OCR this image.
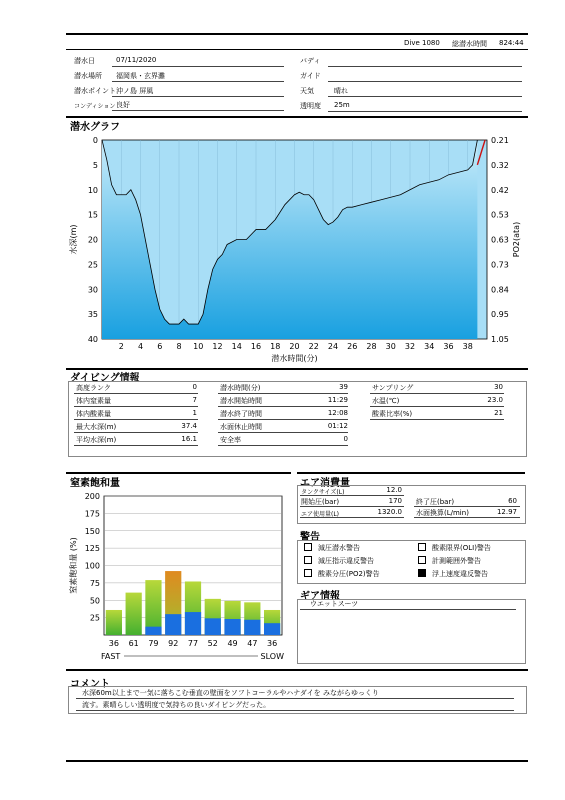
Dive 1080 総潜水時間 824:44
潜水日	07/11/2020
潜水場所 福岡県・玄界灘
潜水ポイント 沖ノ島 屏風
コンディション 良好
バディ
ガイド
天気	晴れ
透明度 25m
潜水グラフ
0
5
10
15
20
25
30
35
40
0.21
0.32
0.42
0.53
0.63
0.73
0.84
0.95
1.05
2 4 6 8 10 12 14 16 18 20 22 24 26 28 30 32 34 36 38
潜水時間(分)
水深(m)	PO2(ata)
ダイビング情報
高度ランク	0	潜水時間(分)	39	サンプリング	30
体内窒素量	7	潜水開始時間	11:29	水温(℃)	23.0
体内酸素量	1	潜水終了時間	12:08	酸素比率(%)	21
最大水深(m)	37.4	水面休止時間	01:12
平均水深(m)	16.1	安全率	0
窒素飽和量
25
50
75
100
125
150
175
200
36 61 79 92 77 52 49 47 36
FAST	SLOW
窒素飽和量 (%)
エア消費量
タンクサイズ(L)	12.0
開始圧(bar)	170 終了圧(bar)	60
エア使用量(L)	1320.0 水面換算(L/min)	12.97
警告
減圧潜水警告	酸素限界(OLI)警告
減圧指示違反警告	計測範囲外警告
酸素分圧(PO2)警告	浮上速度違反警告
ギア情報
ウエットスーツ
コメント
水深60m以上まで一気に落ちこむ垂直の壁面をソフトコーラルやハナダイを みながらゆっくり
流す。素晴らしい透明度で気持ちの良いダイビングだった。
